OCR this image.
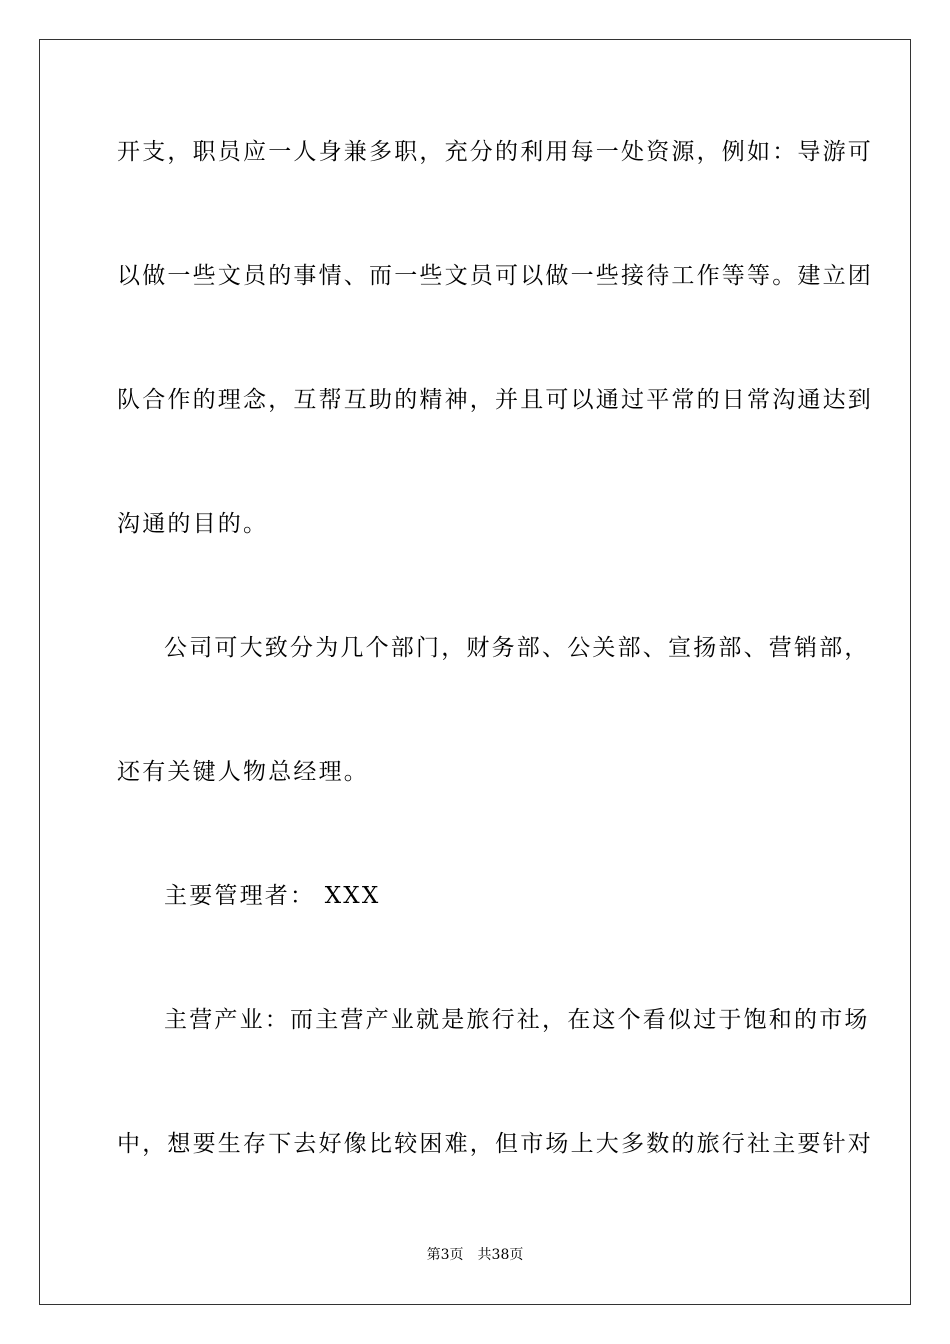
开支，职员应一人身兼多职，充分的利用每一处资源，例如：导游可
以做一些文员的事情、而一些文员可以做一些接待工作等等。建立团
队合作的理念，互帮互助的精神，并且可以通过平常的日常沟通达到
沟通的目的。
公司可大致分为几个部门，财务部、公关部、宣扬部、营销部，
还有关键人物总经理。
主要管理者： XXX
主营产业：而主营产业就是旅行社，在这个看似过于饱和的市场
中，想要生存下去好像比较困难，但市场上大多数的旅行社主要针对
第3页 共38页
